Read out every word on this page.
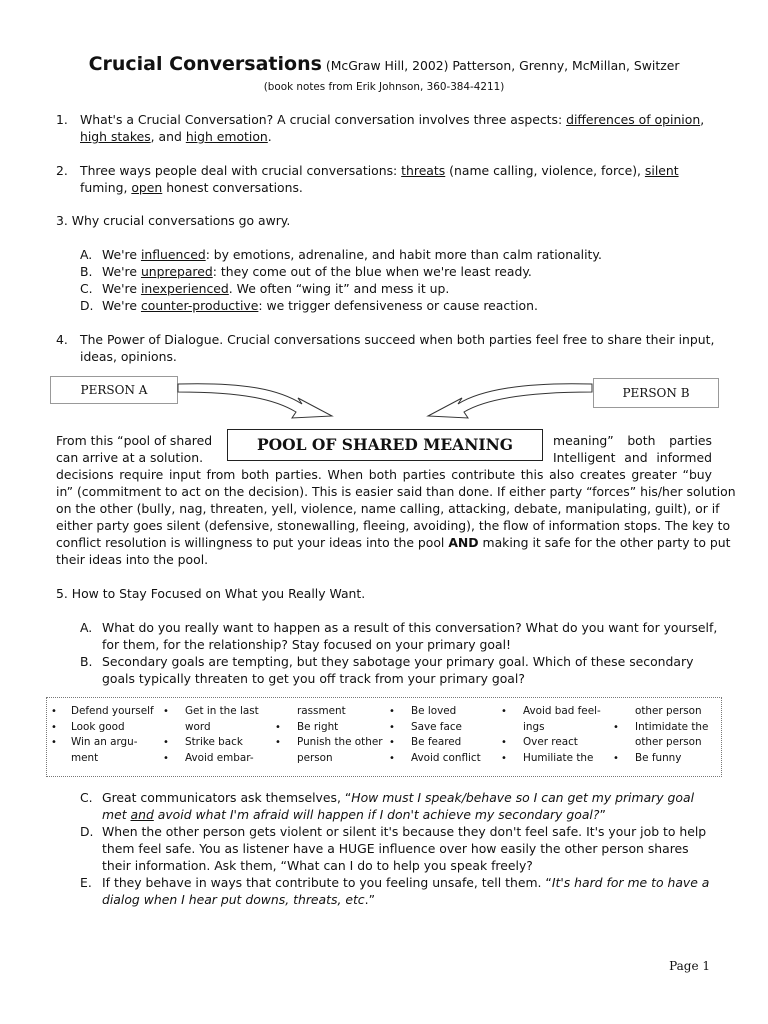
Crucial Conversations (McGraw Hill, 2002) Patterson, Grenny, McMillan, Switzer
(book notes from Erik Johnson, 360-384-4211)
1. What's a Crucial Conversation? A crucial conversation involves three aspects: differences of opinion, high stakes, and high emotion.
2. Three ways people deal with crucial conversations: threats (name calling, violence, force), silent fuming, open honest conversations.
3. Why crucial conversations go awry.
A. We're influenced: by emotions, adrenaline, and habit more than calm rationality.
B. We're unprepared: they come out of the blue when we're least ready.
C. We're inexperienced. We often “wing it” and mess it up.
D. We're counter-productive: we trigger defensiveness or cause reaction.
4. The Power of Dialogue. Crucial conversations succeed when both parties feel free to share their input, ideas, opinions.
PERSON A	PERSON B
POOL OF SHARED MEANING
From this “pool of shared
can arrive at a solution.
meaning” both parties
Intelligent and informed
decisions require input from both parties. When both parties contribute this also creates greater “buy
in” (commitment to act on the decision). This is easier said than done. If either party “forces” his/her solution
on the other (bully, nag, threaten, yell, violence, name calling, attacking, debate, manipulating, guilt), or if
either party goes silent (defensive, stonewalling, fleeing, avoiding), the flow of information stops. The key to
conflict resolution is willingness to put your ideas into the pool AND making it safe for the other party to put
their ideas into the pool.
5. How to Stay Focused on What you Really Want.
A. What do you really want to happen as a result of this conversation? What do you want for yourself, for them, for the relationship? Stay focused on your primary goal!
B. Secondary goals are tempting, but they sabotage your primary goal. Which of these secondary goals typically threaten to get you off track from your primary goal?
• Defend yourself
• Look good
• Win an argu-
ment
• Get in the last
word
• Strike back
• Avoid embar-
rassment
• Be right
• Punish the other
person
• Be loved
• Save face
• Be feared
• Avoid conflict
• Avoid bad feel-
ings
• Over react
• Humiliate the
other person
• Intimidate the
other person
• Be funny
C. Great communicators ask themselves, “How must I speak/behave so I can get my primary goal met and avoid what I'm afraid will happen if I don't achieve my secondary goal?”
D. When the other person gets violent or silent it's because they don't feel safe. It's your job to help them feel safe. You as listener have a HUGE influence over how easily the other person shares their information. Ask them, “What can I do to help you speak freely?
E. If they behave in ways that contribute to you feeling unsafe, tell them. “It's hard for me to have a dialog when I hear put downs, threats, etc.”
Page 1
